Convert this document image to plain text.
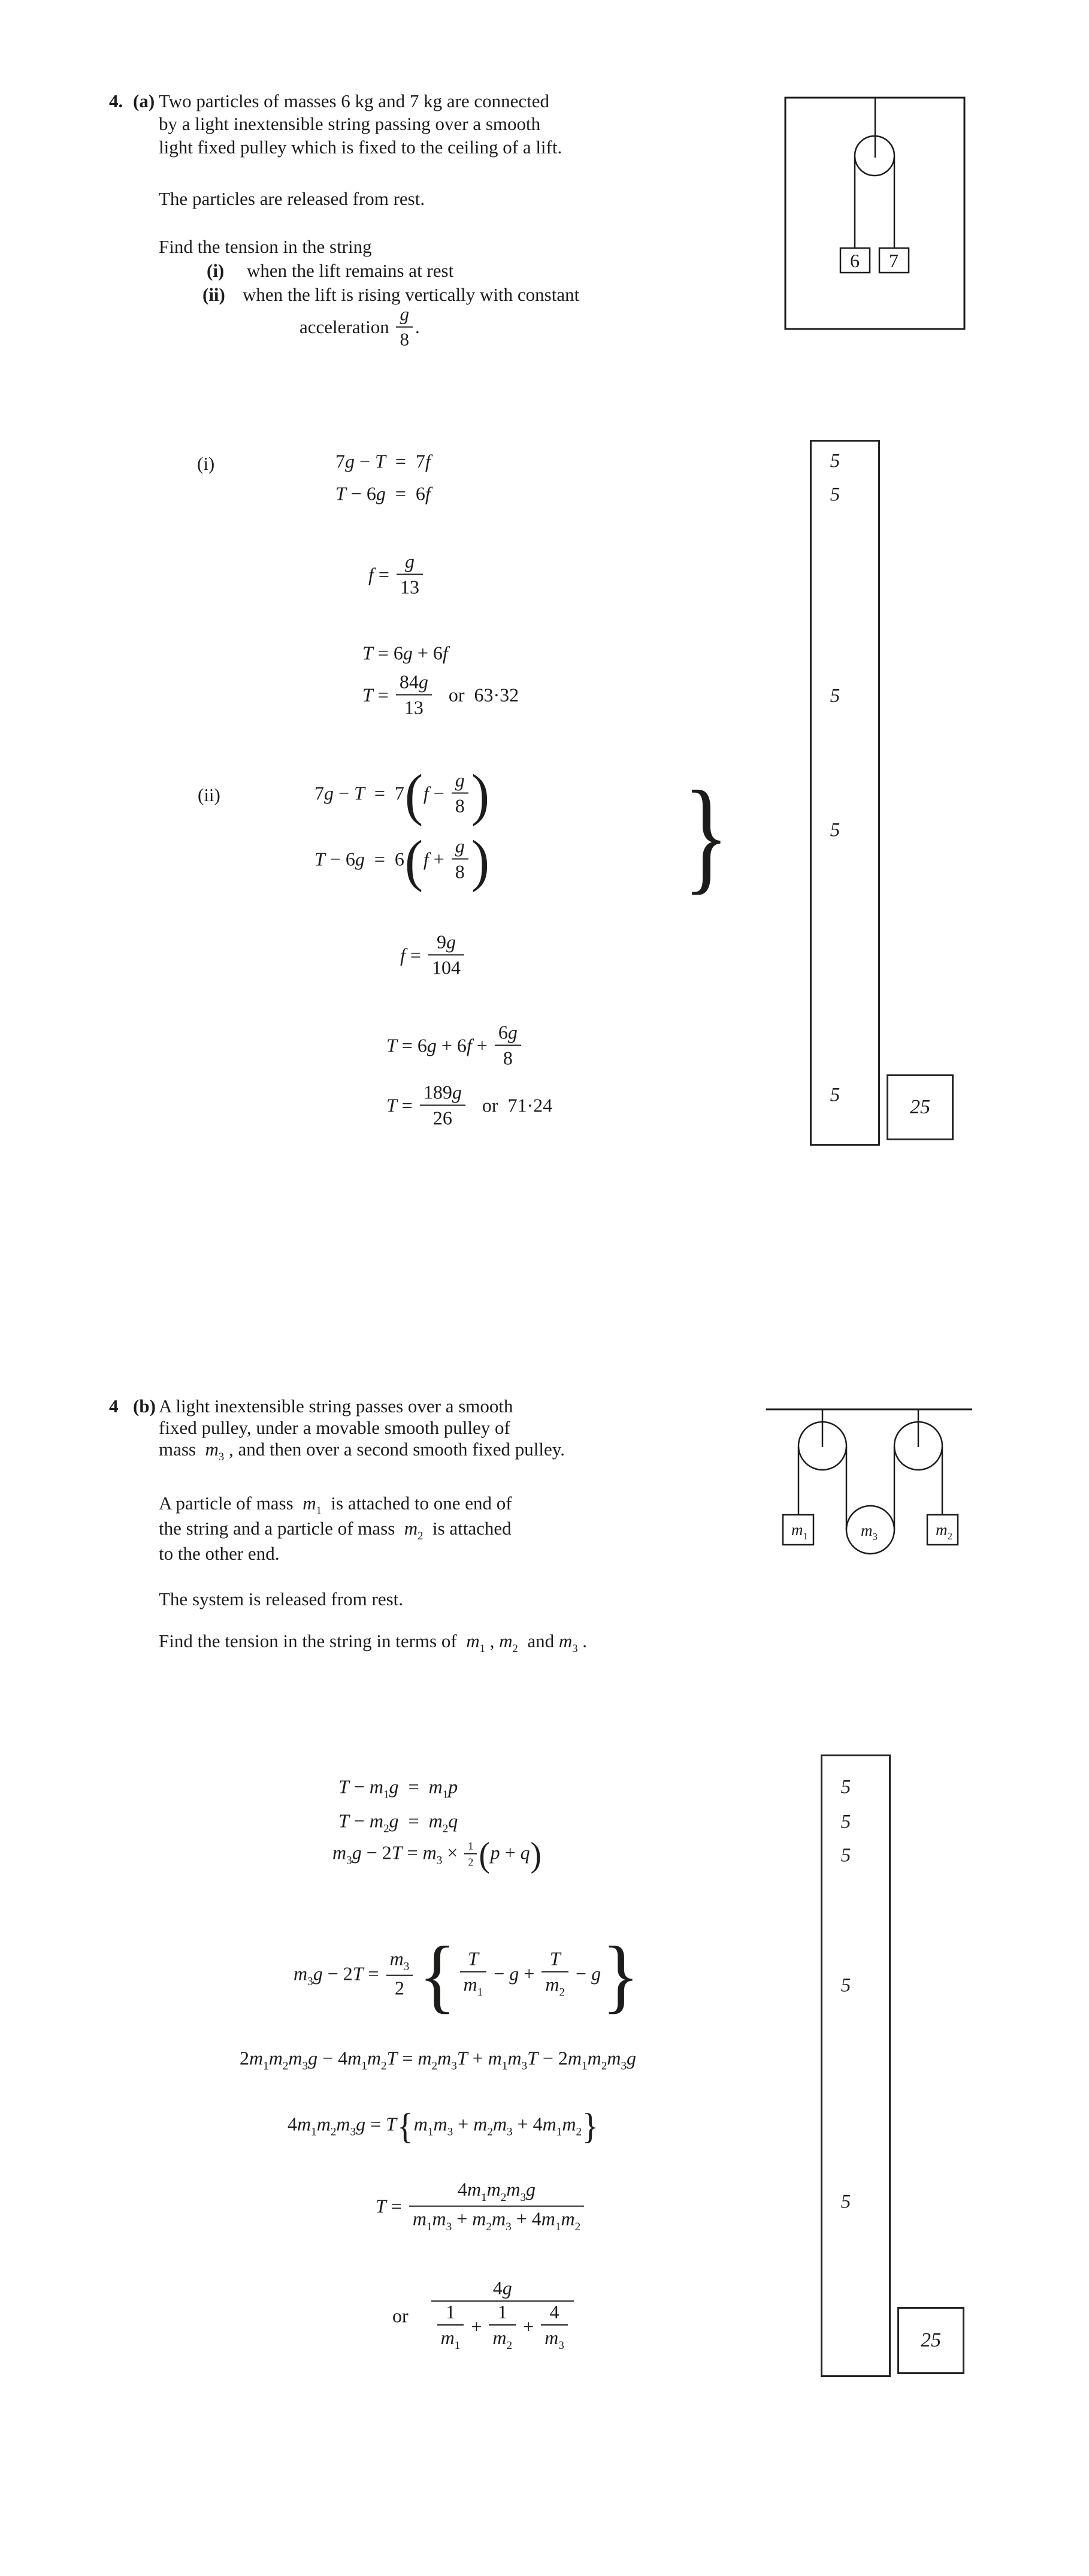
4. (a) Two particles of masses 6 kg and 7 kg are connected
by a light inextensible string passing over a smooth
light fixed pulley which is fixed to the ceiling of a lift.
The particles are released from rest.
Find the tension in the string
(i) when the lift remains at rest
(ii) when the lift is rising vertically with constant
acceleration $\frac{g}{8}$ .
6 7
(i)	7g − T  =  7f
T − 6g  =  6f
$f = \frac{g}{13}$
T = 6g + 6f
$T = \frac{84g}{13}$ or  63·32
(ii)	$7g - T = 7(f - \frac{g}{8}$ )
$T - 6g = 6(f + \frac{g}{8}$ ) }
$f = \frac{9g}{104}$
$T = 6g + 6f + \frac{6g}{8}$
$T = \frac{189g}{26}$ or  71·24
5
5
5
5
5
25
4 (b) A light inextensible string passes over a smooth
fixed pulley, under a movable smooth pulley of
mass  $m_3$ , and then over a second smooth fixed pulley.
A particle of mass  $m_1$  is attached to one end of
the string and a particle of mass  $m_2$  is attached
to the other end.
The system is released from rest.
Find the tension in the string in terms of  $m_1$ , $m_2$  and $m_3$ .
$m_1$	$m_3$	$m_2$
$T - m_1g = m_1p$
$T - m_2g = m_2q$
$m_3g - 2T = m_3 \times \frac{1}{2} (p + q)$
$m_3g - 2T = \frac{m_3}{2}$ { $\frac{T}{m_1} - g + \frac{T}{m_2} - g$}
$2m_1m_2m_3g - 4m_1m_2T = m_2m_3T + m_1m_3T - 2m_1m_2m_3g$
$4m_1m_2m_3g = T\{m_1m_3 + m_2m_3 + 4m_1m_2\}$
$T = \frac{4m_1m_2m_3g}{m_1m_3 + m_2m_3 + 4m_1m_2}$
or $\frac{4g}{\frac{1}{m_1} + \frac{1}{m_2} + \frac{4}{m_3}}$
5
5
5
5
5
25
